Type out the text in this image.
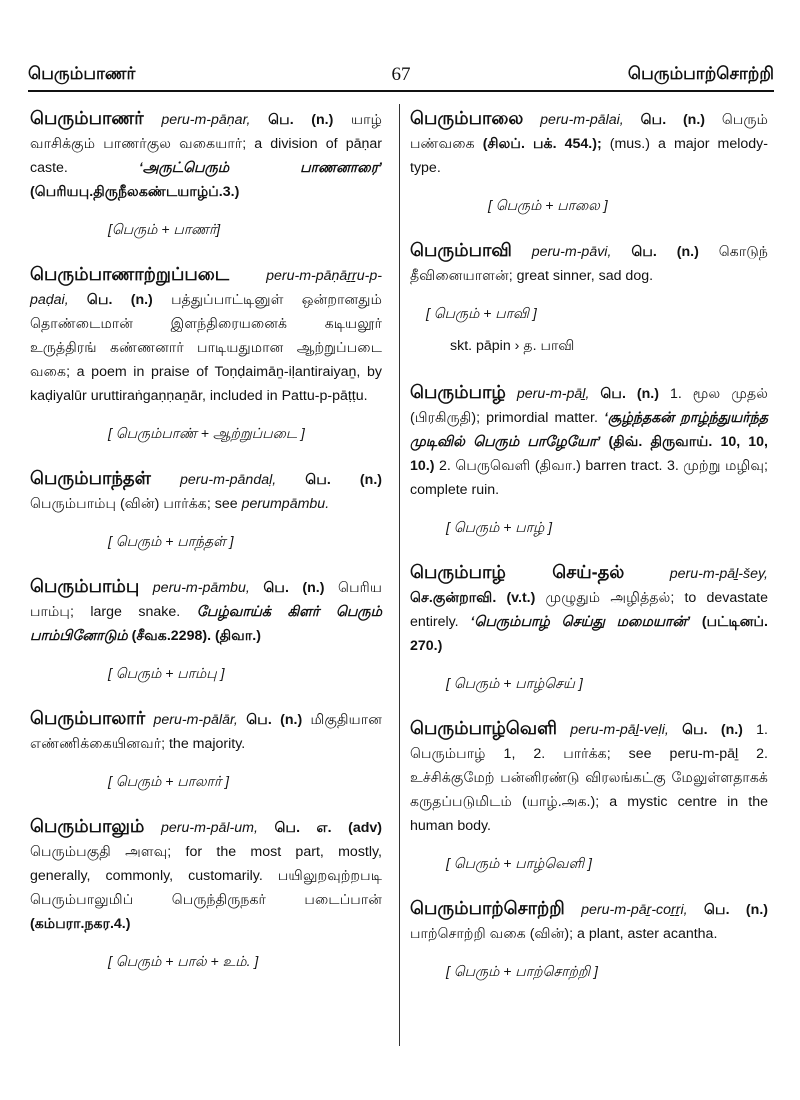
பெரும்பாணர்	67	பெரும்பாற்சொற்றி

பெரும்பாணர் peru-m-pāṇar, பெ. (n.) யாழ் வாசிக்கும் பாணர்குல வகையார்; a division of pāṇar caste.	‘அருட்பெரும் பாணனாரை’ (பெரியபு.திருநீலகண்டயாழ்ப்.3.)

[பெரும் + பாணர்]

பெரும்பாணாற்றுப்படை	peru-m-pāṇāṟṟu-p-paḍai, பெ. (n.) பத்துப்பாட்டினுள் ஒன்றானதும் தொண்டைமான் இளந்திரையனைக் கடியலூர் உருத்திரங் கண்ணனார் பாடியதுமான ஆற்றுப்படை வகை; a poem in praise of Toṇḍaimāṉ-iḷantiraiyaṉ, by kaḍiyalūr uruttiraṅgaṇṇaṉār, included in Pattu-p-pāṭṭu.

[ பெரும்பாண் + ஆற்றுப்படை ]

பெரும்பாந்தள் peru-m-pāndaḷ, பெ. (n.) பெரும்பாம்பு (வின்) பார்க்க; see perumpāmbu.

[ பெரும் + பாந்தள் ]

பெரும்பாம்பு peru-m-pāmbu, பெ. (n.) பெரிய பாம்பு; large snake. பேழ்வாய்க் கிளர் பெரும் பாம்பினோடும் (சீவக.2298). (திவா.)

[ பெரும் + பாம்பு ]

பெரும்பாலார் peru-m-pālār, பெ. (n.) மிகுதியான எண்ணிக்கையினவர்; the majority.

[ பெரும் + பாலார் ]

பெரும்பாலும் peru-m-pāl-um, பெ. எ. (adv) பெரும்பகுதி அளவு; for the most part, mostly, generally, commonly, customarily. பயிலுறவுற்றபடி பெரும்பாலுமிப் பெருந்திருநகர் படைப்பான் (கம்பரா.நகர.4.)

[ பெரும் + பால் + உம். ]

பெரும்பாலை peru-m-pālai, பெ. (n.) பெரும் பண்வகை (சிலப். பக். 454.); (mus.) a major melody-type.

[ பெரும் + பாலை ]

பெரும்பாவி peru-m-pāvi, பெ. (n.) கொடுந் தீவினையாளன்; great sinner, sad dog.

[ பெரும் + பாவி ]
skt. pāpin › த. பாவி

பெரும்பாழ் peru-m-pāḻ, பெ. (n.) 1. மூல முதல் (பிரகிருதி); primordial matter. ‘சூழ்ந்தகன் றாழ்ந்துயர்ந்த முடிவில் பெரும் பாழேயோ’ (திவ். திருவாய். 10, 10, 10.) 2. பெருவெளி (திவா.) barren tract. 3. முற்று மழிவு; complete ruin.

[ பெரும் + பாழ் ]

பெரும்பாழ் செய்-தல்	peru-m-pāḻ-šey, செ.குன்றாவி. (v.t.) முழுதும் அழித்தல்; to devastate entirely. ‘பெரும்பாழ் செய்து மமையான்’ (பட்டினப். 270.)

[ பெரும் + பாழ்செய் ]

பெரும்பாழ்வெளி peru-m-pāḻ-veḷi, பெ. (n.) 1. பெரும்பாழ் 1, 2. பார்க்க; see peru-m-pāḻ 2. உச்சிக்குமேற் பன்னிரண்டு விரலங்கட்கு மேலுள்ளதாகக் கருதப்படுமிடம் (யாழ்.அக.); a mystic centre in the human body.

[ பெரும் + பாழ்வெளி ]

பெரும்பாற்சொற்றி peru-m-pāṟ-coṟṟi, பெ. (n.) பாற்சொற்றி வகை (வின்); a plant, aster acantha.

[ பெரும் + பாற்சொற்றி ]
